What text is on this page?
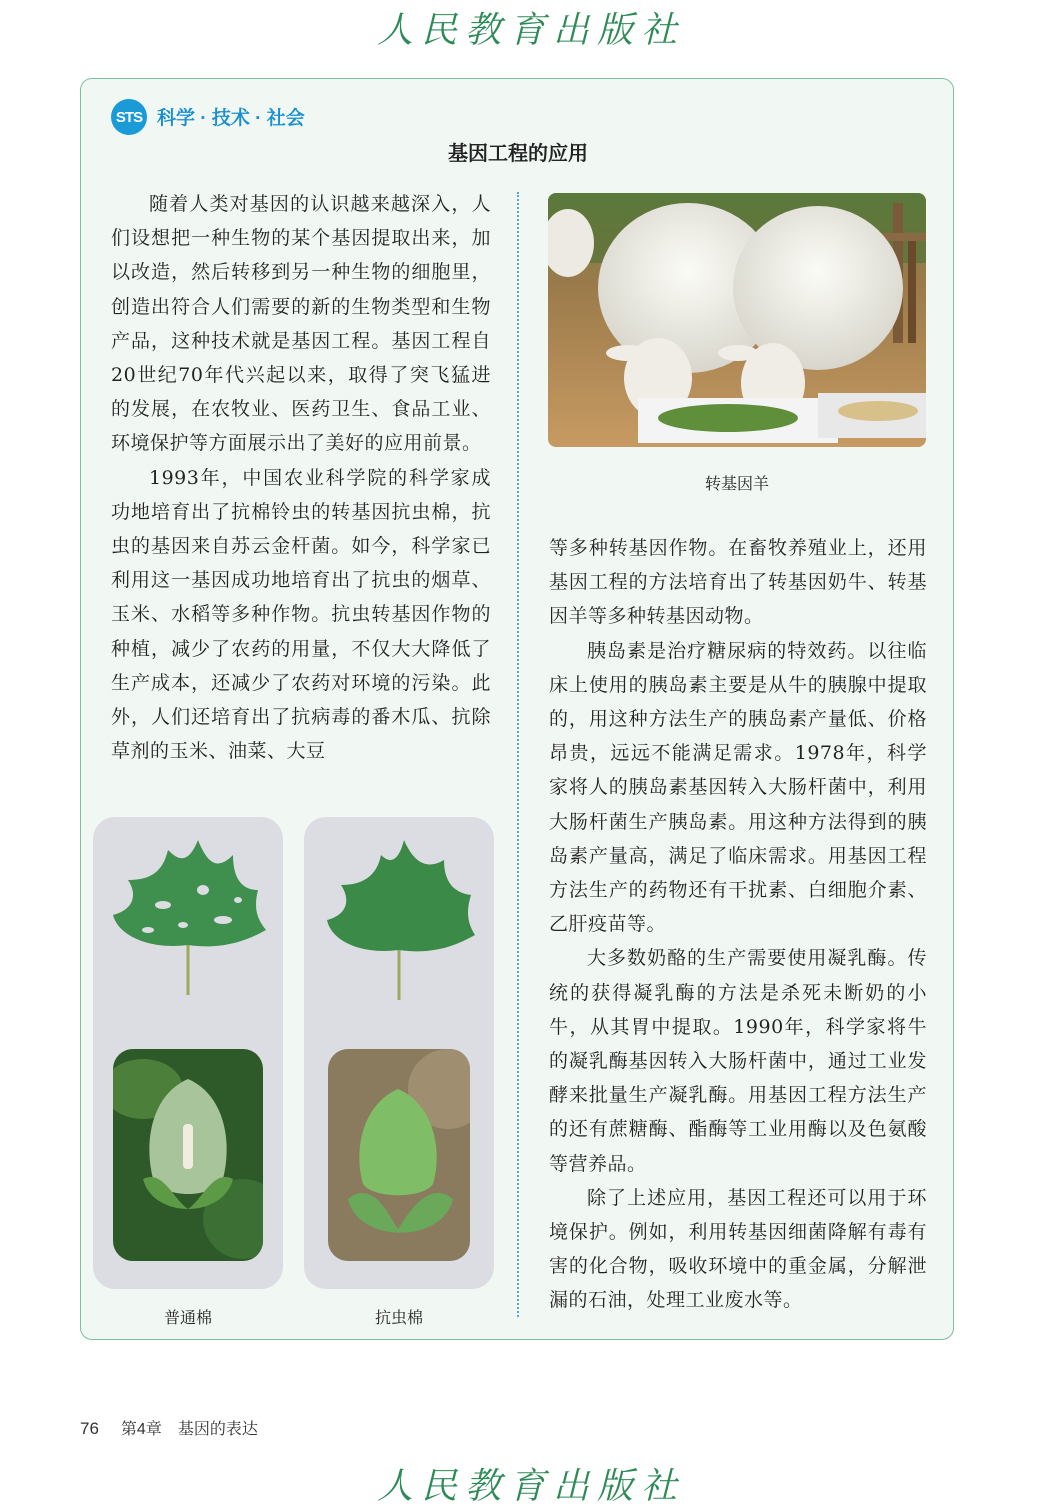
人民教育出版社
STS 科学 · 技术 · 社会
基因工程的应用

随着人类对基因的认识越来越深入，人们设想把一种生物的某个基因提取出来，加以改造，然后转移到另一种生物的细胞里，创造出符合人们需要的新的生物类型和生物产品，这种技术就是基因工程。基因工程自20世纪70年代兴起以来，取得了突飞猛进的发展，在农牧业、医药卫生、食品工业、环境保护等方面展示出了美好的应用前景。

1993年，中国农业科学院的科学家成功地培育出了抗棉铃虫的转基因抗虫棉，抗虫的基因来自苏云金杆菌。如今，科学家已利用这一基因成功地培育出了抗虫的烟草、玉米、水稻等多种作物。抗虫转基因作物的种植，减少了农药的用量，不仅大大降低了生产成本，还减少了农药对环境的污染。此外，人们还培育出了抗病毒的番木瓜、抗除草剂的玉米、油菜、大豆

转基因羊
普通棉	抗虫棉

等多种转基因作物。在畜牧养殖业上，还用基因工程的方法培育出了转基因奶牛、转基因羊等多种转基因动物。

胰岛素是治疗糖尿病的特效药。以往临床上使用的胰岛素主要是从牛的胰腺中提取的，用这种方法生产的胰岛素产量低、价格昂贵，远远不能满足需求。1978年，科学家将人的胰岛素基因转入大肠杆菌中，利用大肠杆菌生产胰岛素。用这种方法得到的胰岛素产量高，满足了临床需求。用基因工程方法生产的药物还有干扰素、白细胞介素、乙肝疫苗等。

大多数奶酪的生产需要使用凝乳酶。传统的获得凝乳酶的方法是杀死未断奶的小牛，从其胃中提取。1990年，科学家将牛的凝乳酶基因转入大肠杆菌中，通过工业发酵来批量生产凝乳酶。用基因工程方法生产的还有蔗糖酶、酯酶等工业用酶以及色氨酸等营养品。

除了上述应用，基因工程还可以用于环境保护。例如，利用转基因细菌降解有毒有害的化合物，吸收环境中的重金属，分解泄漏的石油，处理工业废水等。

76 第4章 基因的表达
人民教育出版社
